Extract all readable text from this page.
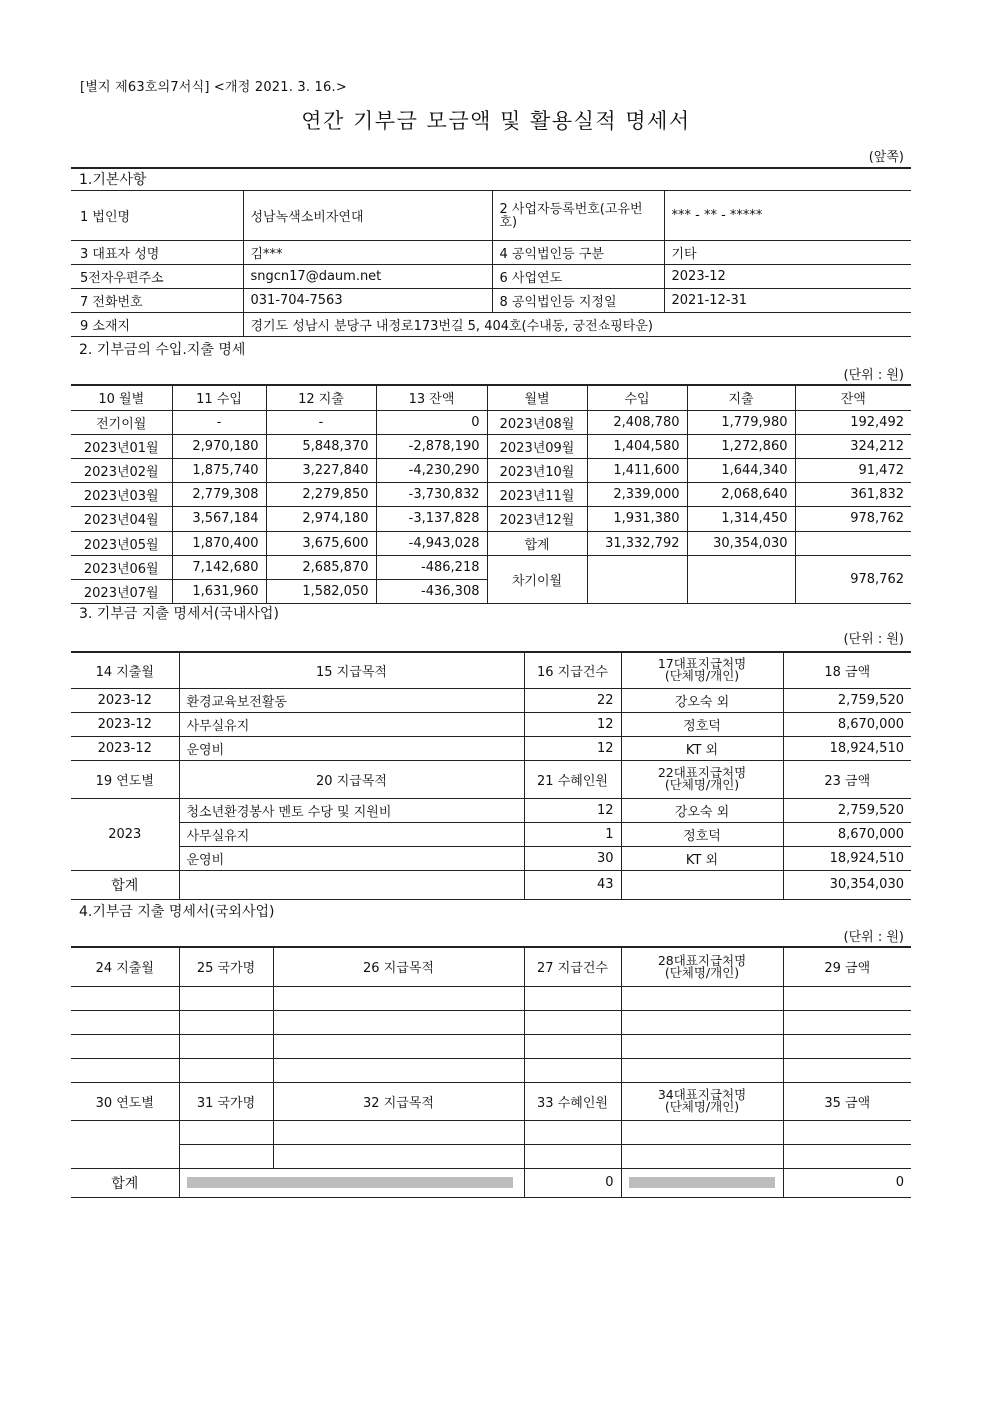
[별지 제63호의7서식] <개정 2021. 3. 16.>
연간 기부금 모금액 및 활용실적 명세서
(앞쪽)
1.기본사항
1 법인명	성남녹색소비자연대	2 사업자등록번호(고유번호)	*** - ** - *****
3 대표자 성명	김***	4 공익법인등 구분	기타
5전자우편주소	sngcn17@daum.net	6 사업연도	2023-12
7 전화번호	031-704-7563	8 공익법인등 지정일	2021-12-31
9 소재지	경기도 성남시 분당구 내정로173번길 5, 404호(수내동, 궁전쇼핑타운)		
2. 기부금의 수입.지출 명세
(단위 : 원)
10 월별	11 수입	12 지출	13 잔액	월별	수입	지출	잔액
전기이월	-	-	0	2023년08월	2,408,780	1,779,980	192,492
2023년01월	2,970,180	5,848,370	-2,878,190	2023년09월	1,404,580	1,272,860	324,212
2023년02월	1,875,740	3,227,840	-4,230,290	2023년10월	1,411,600	1,644,340	91,472
2023년03월	2,779,308	2,279,850	-3,730,832	2023년11월	2,339,000	2,068,640	361,832
2023년04월	3,567,184	2,974,180	-3,137,828	2023년12월	1,931,380	1,314,450	978,762
2023년05월	1,870,400	3,675,600	-4,943,028	합계	31,332,792	30,354,030	
2023년06월	7,142,680	2,685,870	-486,218	차기이월			978,762
2023년07월	1,631,960	1,582,050	-436,308				
3. 기부금 지출 명세서(국내사업)
(단위 : 원)
14 지출월	15 지급목적	16 지급건수	17대표지급처명
(단체명/개인)	18 금액
2023-12	환경교육보전활동	22	강오숙 외	2,759,520
2023-12	사무실유지	12	정호덕	8,670,000
2023-12	운영비	12	KT 외	18,924,510
19 연도별	20 지급목적	21 수혜인원	22대표지급처명
(단체명/개인)	23 금액
2023	청소년환경봉사 멘토 수당 및 지원비	12	강오숙 외	2,759,520
	사무실유지	1	정호덕	8,670,000
	운영비	30	KT 외	18,924,510
합계		43		30,354,030
4.기부금 지출 명세서(국외사업)
(단위 : 원)
24 지출월	25 국가명	26 지급목적	27 지급건수	28대표지급처명
(단체명/개인)	29 금액

30 연도별	31 국가명	32 지급목적	33 수혜인원	34대표지급처명
(단체명/개인)	35 금액

합계			0		0
